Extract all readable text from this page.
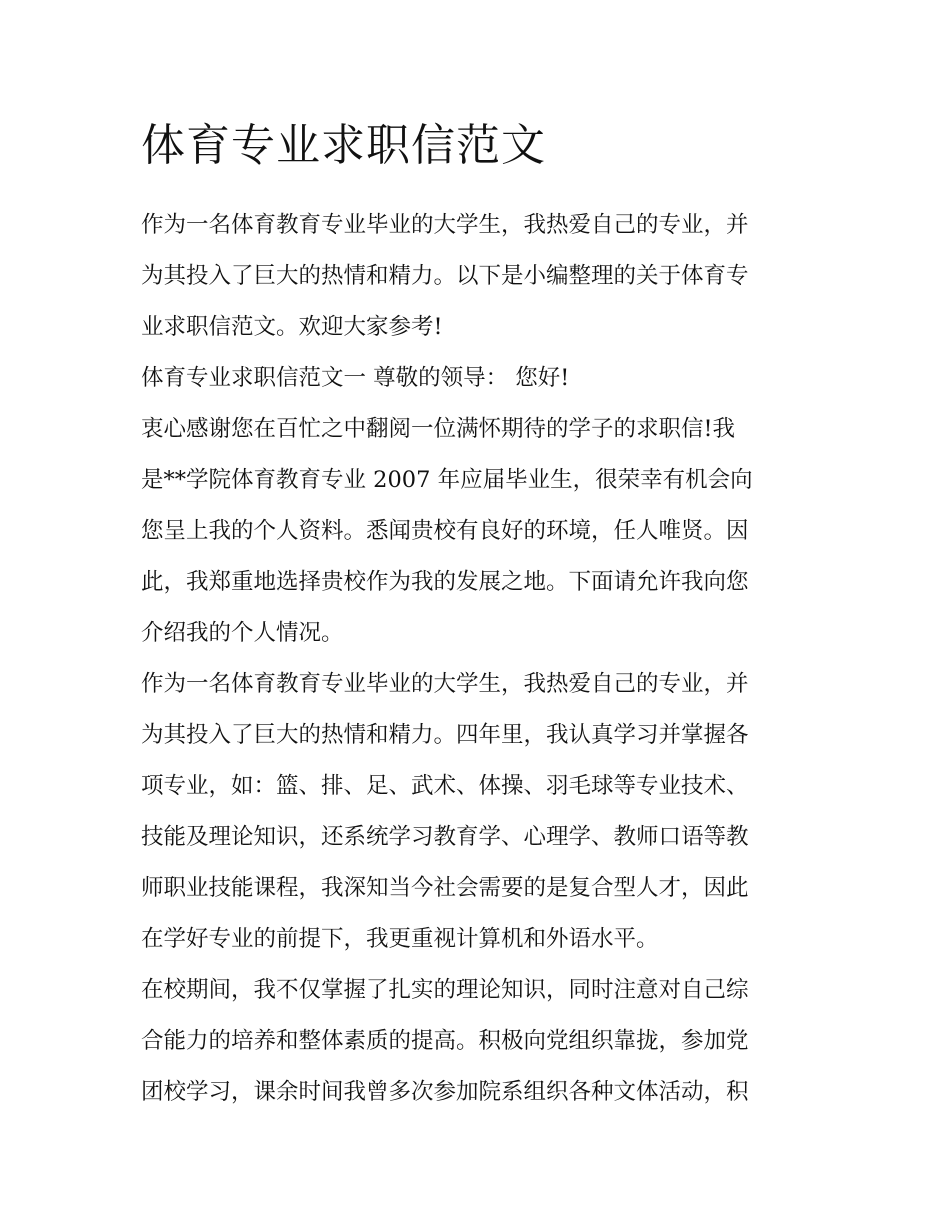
体育专业求职信范文
作为一名体育教育专业毕业的大学生，我热爱自己的专业，并
为其投入了巨大的热情和精力。以下是小编整理的关于体育专
业求职信范文。欢迎大家参考!
体育专业求职信范文一 尊敬的领导： 您好!
衷心感谢您在百忙之中翻阅一位满怀期待的学子的求职信!我
是**学院体育教育专业 2007 年应届毕业生，很荣幸有机会向
您呈上我的个人资料。悉闻贵校有良好的环境，任人唯贤。因
此，我郑重地选择贵校作为我的发展之地。下面请允许我向您
介绍我的个人情况。
作为一名体育教育专业毕业的大学生，我热爱自己的专业，并
为其投入了巨大的热情和精力。四年里，我认真学习并掌握各
项专业，如：篮、排、足、武术、体操、羽毛球等专业技术、
技能及理论知识，还系统学习教育学、心理学、教师口语等教
师职业技能课程，我深知当今社会需要的是复合型人才，因此
在学好专业的前提下，我更重视计算机和外语水平。
在校期间，我不仅掌握了扎实的理论知识，同时注意对自己综
合能力的培养和整体素质的提高。积极向党组织靠拢，参加党
团校学习，课余时间我曾多次参加院系组织各种文体活动，积
